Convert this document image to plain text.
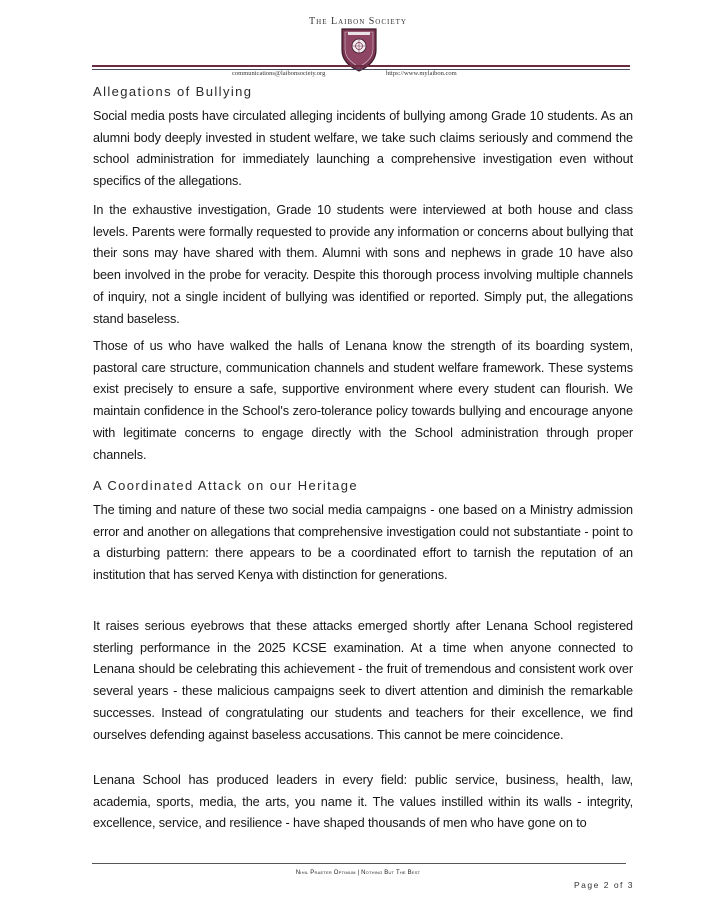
The Laibon Society
communications@laibonsociety.org	https://www.mylaibon.com
Allegations of Bullying

Social media posts have circulated alleging incidents of bullying among Grade 10 students. As an alumni body deeply invested in student welfare, we take such claims seriously and commend the school administration for immediately launching a comprehensive investigation even without specifics of the allegations.

In the exhaustive investigation, Grade 10 students were interviewed at both house and class levels. Parents were formally requested to provide any information or concerns about bullying that their sons may have shared with them. Alumni with sons and nephews in grade 10 have also been involved in the probe for veracity. Despite this thorough process involving multiple channels of inquiry, not a single incident of bullying was identified or reported. Simply put, the allegations stand baseless.

Those of us who have walked the halls of Lenana know the strength of its boarding system, pastoral care structure, communication channels and student welfare framework. These systems exist precisely to ensure a safe, supportive environment where every student can flourish. We maintain confidence in the School's zero-tolerance policy towards bullying and encourage anyone with legitimate concerns to engage directly with the School administration through proper channels.

A Coordinated Attack on our Heritage

The timing and nature of these two social media campaigns - one based on a Ministry admission error and another on allegations that comprehensive investigation could not substantiate - point to a disturbing pattern: there appears to be a coordinated effort to tarnish the reputation of an institution that has served Kenya with distinction for generations.

It raises serious eyebrows that these attacks emerged shortly after Lenana School registered sterling performance in the 2025 KCSE examination. At a time when anyone connected to Lenana should be celebrating this achievement - the fruit of tremendous and consistent work over several years - these malicious campaigns seek to divert attention and diminish the remarkable successes. Instead of congratulating our students and teachers for their excellence, we find ourselves defending against baseless accusations. This cannot be mere coincidence.

Lenana School has produced leaders in every field: public service, business, health, law, academia, sports, media, the arts, you name it. The values instilled within its walls - integrity, excellence, service, and resilience - have shaped thousands of men who have gone on to

Nihil Praeter Optimum | Nothing But The Best
Page 2 of 3
